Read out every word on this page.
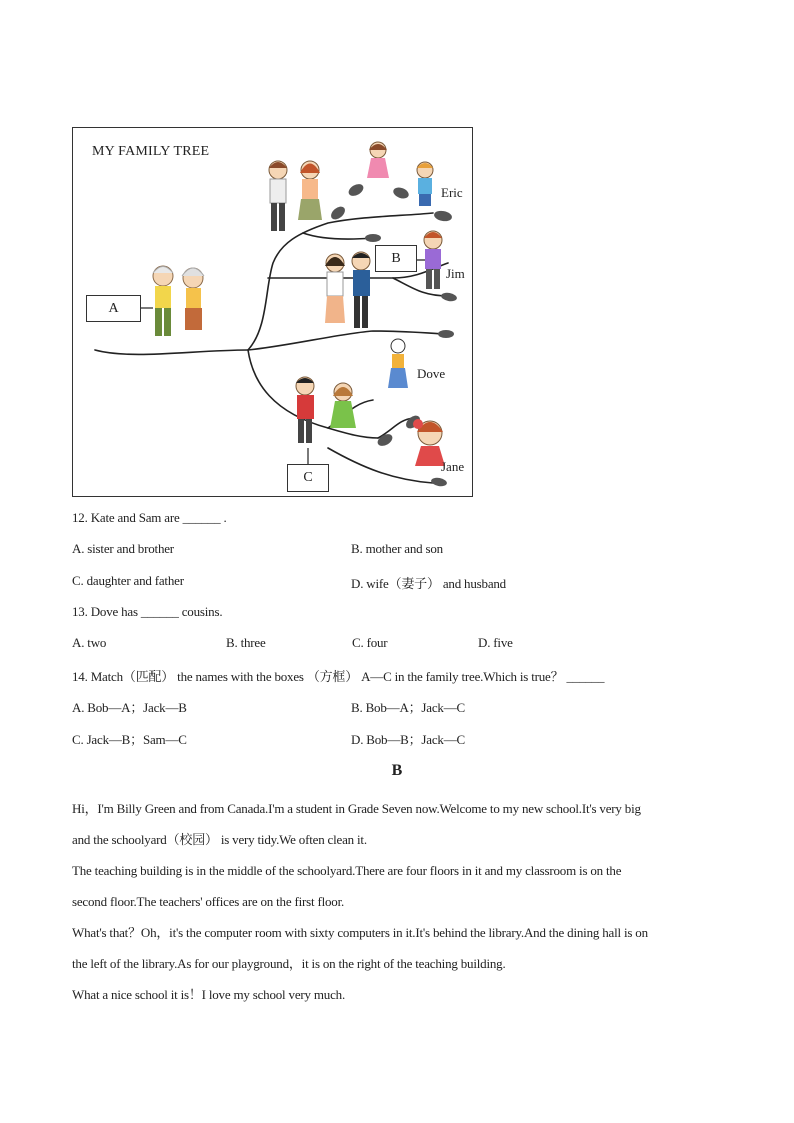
MY FAMILY TREE
A
B
C
Eric
Jim
Dove
Jane
12. Kate and Sam are ______ .
A. sister and brother	B. mother and son
C. daughter and father	D. wife（妻子） and husband
13. Dove has ______ cousins.
A. two	B. three	C. four	D. five
14. Match（匹配） the names with the boxes （方框） A—C in the family tree.Which is true？ ______
A. Bob—A；Jack—B	B. Bob—A；Jack—C
C. Jack—B；Sam—C	D. Bob—B；Jack—C
B
Hi，I'm Billy Green and from Canada.I'm a student in Grade Seven now.Welcome to my new school.It's very big
and the schoolyard（校园） is very tidy.We often clean it.
The teaching building is in the middle of the schoolyard.There are four floors in it and my classroom is on the
second floor.The teachers' offices are on the first floor.
What's that？Oh，it's the computer room with sixty computers in it.It's behind the library.And the dining hall is on
the left of the library.As for our playground，it is on the right of the teaching building.
What a nice school it is！I love my school very much.
